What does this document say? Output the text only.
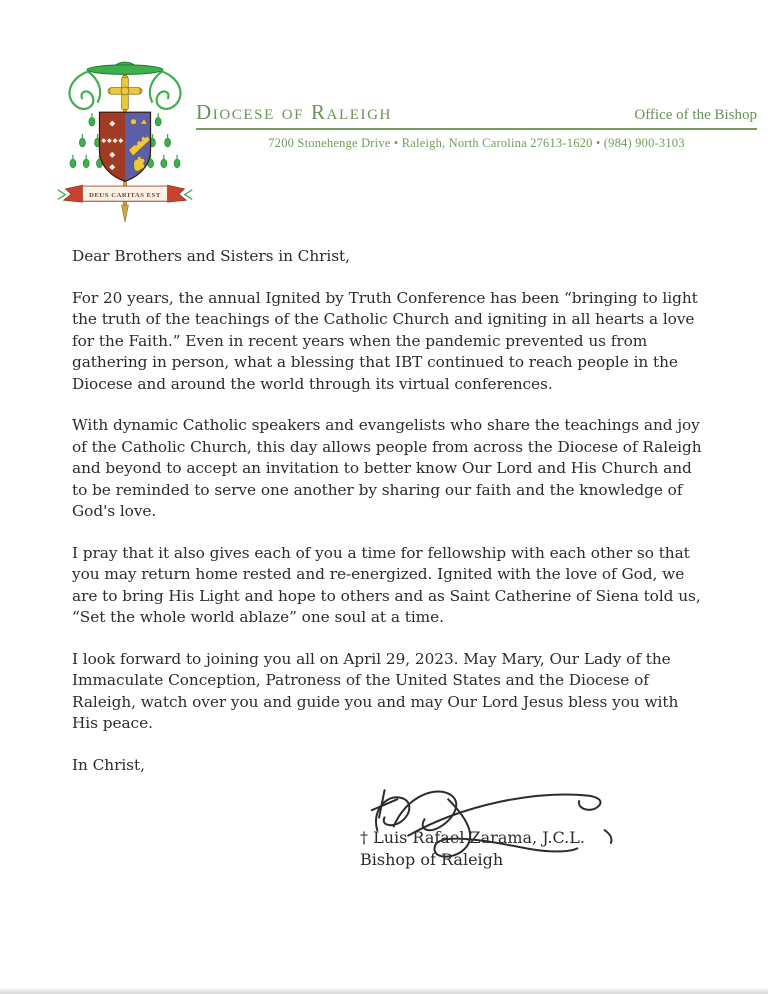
DEUS CARITAS EST
Diocese of Raleigh	Office of the Bishop
7200 Stonehenge Drive • Raleigh, North Carolina 27613-1620 • (984) 900-3103

Dear Brothers and Sisters in Christ,

For 20 years, the annual Ignited by Truth Conference has been “bringing to light the truth of the teachings of the Catholic Church and igniting in all hearts a love for the Faith.” Even in recent years when the pandemic prevented us from gathering in person, what a blessing that IBT continued to reach people in the Diocese and around the world through its virtual conferences.

With dynamic Catholic speakers and evangelists who share the teachings and joy of the Catholic Church, this day allows people from across the Diocese of Raleigh and beyond to accept an invitation to better know Our Lord and His Church and to be reminded to serve one another by sharing our faith and the knowledge of God's love.

I pray that it also gives each of you a time for fellowship with each other so that you may return home rested and re-energized. Ignited with the love of God, we are to bring His Light and hope to others and as Saint Catherine of Siena told us, “Set the whole world ablaze” one soul at a time.

I look forward to joining you all on April 29, 2023. May Mary, Our Lady of the Immaculate Conception, Patroness of the United States and the Diocese of Raleigh, watch over you and guide you and may Our Lord Jesus bless you with His peace.

In Christ,

† Luis Rafael Zarama, J.C.L.
Bishop of Raleigh
